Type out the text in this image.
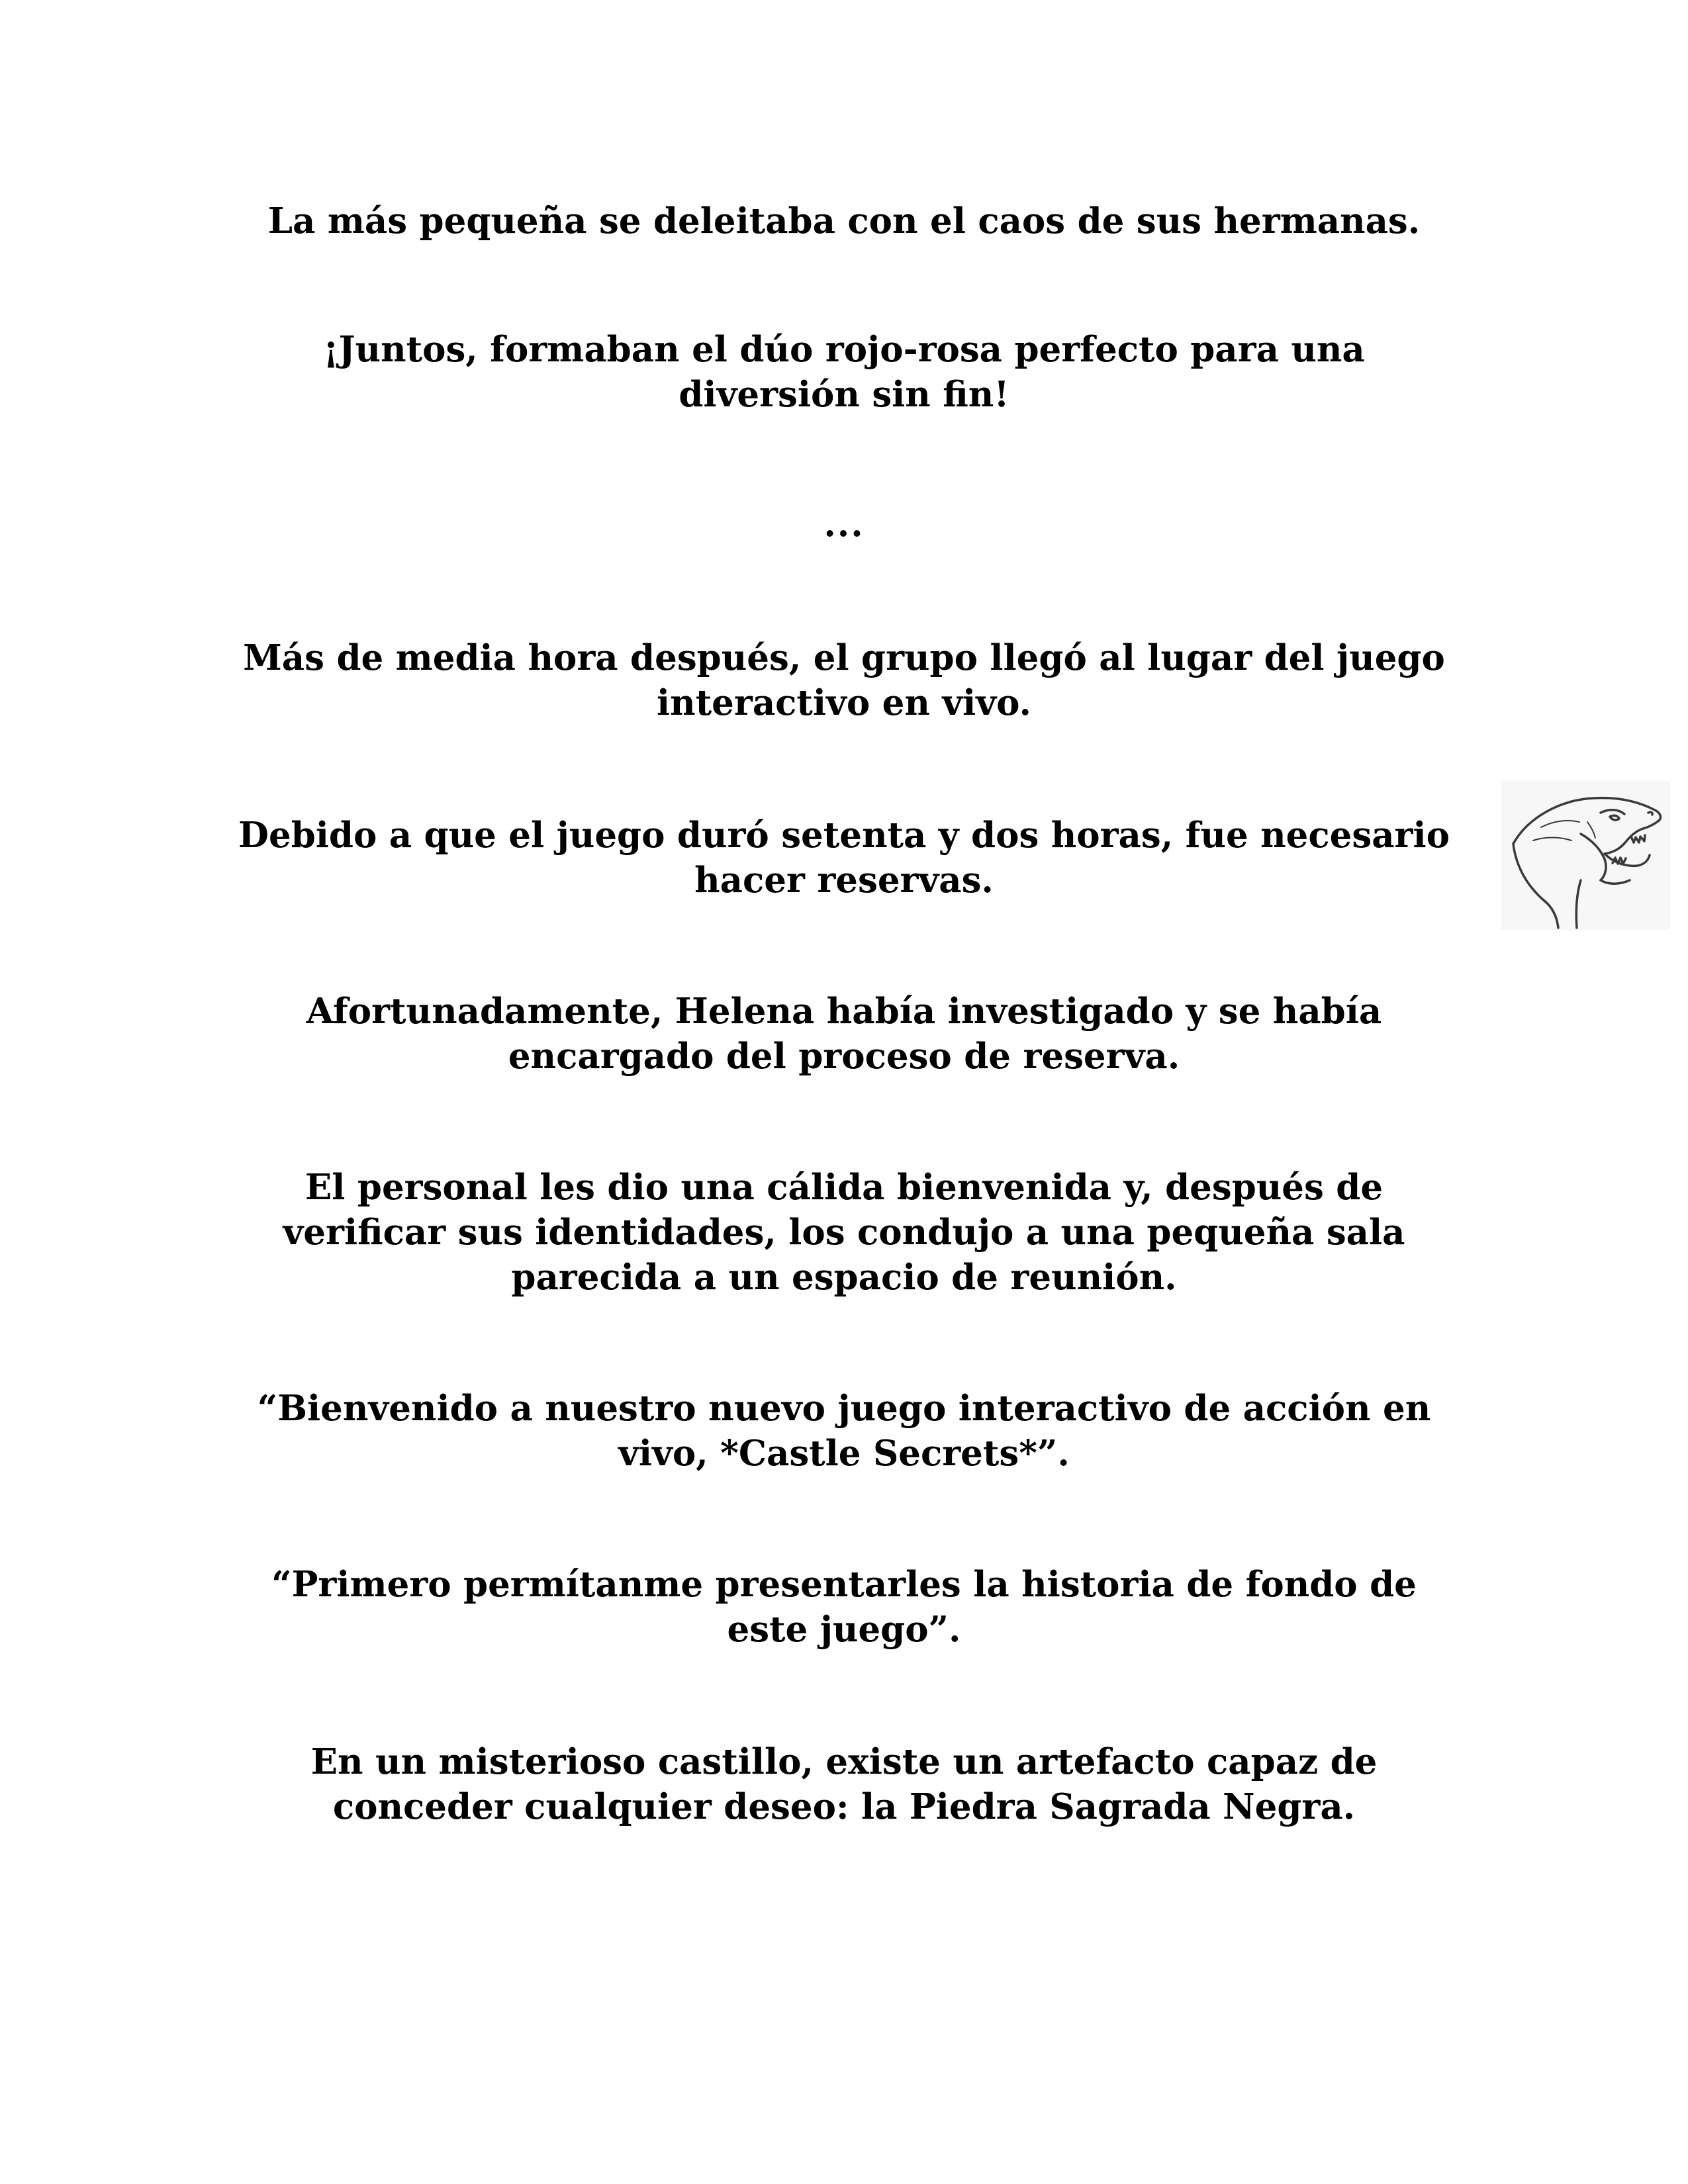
La más pequeña se deleitaba con el caos de sus hermanas.

¡Juntos, formaban el dúo rojo-rosa perfecto para una diversión sin fin!

...

Más de media hora después, el grupo llegó al lugar del juego interactivo en vivo.

Debido a que el juego duró setenta y dos horas, fue necesario hacer reservas.

Afortunadamente, Helena había investigado y se había encargado del proceso de reserva.

El personal les dio una cálida bienvenida y, después de verificar sus identidades, los condujo a una pequeña sala parecida a un espacio de reunión.

“Bienvenido a nuestro nuevo juego interactivo de acción en vivo, *Castle Secrets*”.

“Primero permítanme presentarles la historia de fondo de este juego”.

En un misterioso castillo, existe un artefacto capaz de conceder cualquier deseo: la Piedra Sagrada Negra.
